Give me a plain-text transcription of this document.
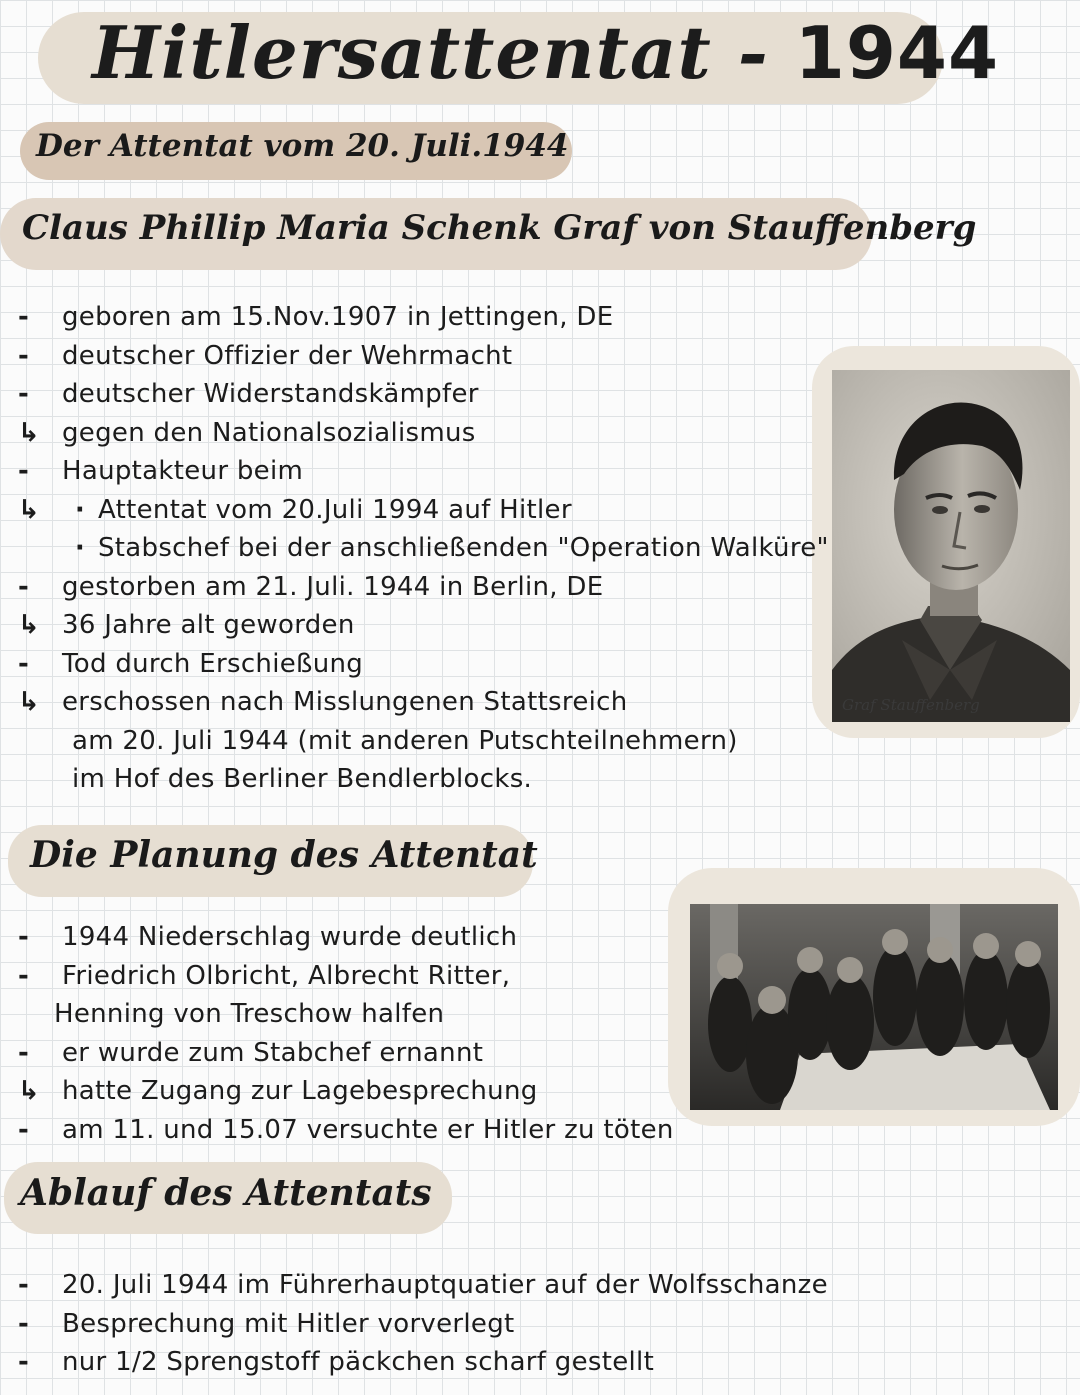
Hitlersattentat - 1944
Der Attentat vom 20. Juli.1944
Claus Phillip Maria Schenk Graf von Stauffenberg
- geboren am 15.Nov.1907 in Jettingen, DE
- deutscher Offizier der Wehrmacht
- deutscher Widerstandskämpfer
↳ gegen den Nationalsozialismus
- Hauptakteur beim
↳ · Attentat vom 20.Juli 1994 auf Hitler
· Stabschef bei der anschließenden "Operation Walküre"
- gestorben am 21. Juli. 1944 in Berlin, DE
↳ 36 Jahre alt geworden
- Tod durch Erschießung
↳ erschossen nach Misslungenen Stattsreich
am 20. Juli 1944 (mit anderen Putschteilnehmern)
im Hof des Berliner Bendlerblocks.
Graf Stauffenberg
Die Planung des Attentat
- 1944 Niederschlag wurde deutlich
- Friedrich Olbricht, Albrecht Ritter,
Henning von Treschow halfen
- er wurde zum Stabchef ernannt
↳ hatte Zugang zur Lagebesprechung
- am 11. und 15.07 versuchte er Hitler zu töten
Ablauf des Attentats
- 20. Juli 1944 im Führerhauptquatier auf der Wolfsschanze
- Besprechung mit Hitler vorverlegt
- nur 1/2 Sprengstoff päckchen scharf gestellt
